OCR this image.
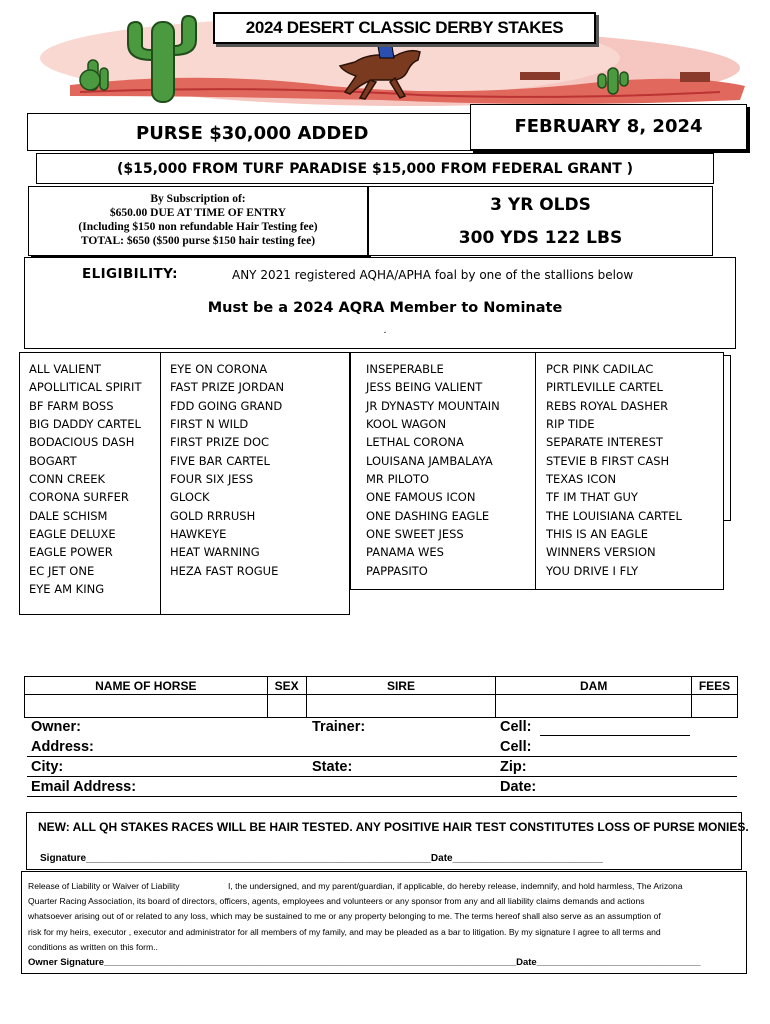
2024 DESERT CLASSIC DERBY STAKES
PURSE $30,000 ADDED	FEBRUARY 8, 2024
($15,000 FROM TURF PARADISE $15,000 FROM FEDERAL GRANT )
By Subscription of:
$650.00 DUE AT TIME OF ENTRY
(Including $150 non refundable Hair Testing fee)
TOTAL: $650 ($500 purse $150 hair testing fee)
3 YR OLDS
300 YDS 122 LBS
ELIGIBILITY:	ANY 2021 registered AQHA/APHA foal by one of the stallions below
Must be a 2024 AQRA Member to Nominate
.
ALL VALIENT
APOLLITICAL SPIRIT
BF FARM BOSS
BIG DADDY CARTEL
BODACIOUS DASH
BOGART
CONN CREEK
CORONA SURFER
DALE SCHISM
EAGLE DELUXE
EAGLE POWER
EC JET ONE
EYE AM KING
EYE ON CORONA
FAST PRIZE JORDAN
FDD GOING GRAND
FIRST N WILD
FIRST PRIZE DOC
FIVE BAR CARTEL
FOUR SIX JESS
GLOCK
GOLD RRRUSH
HAWKEYE
HEAT WARNING
HEZA FAST ROGUE
INSEPERABLE
JESS BEING VALIENT
JR DYNASTY MOUNTAIN
KOOL WAGON
LETHAL CORONA
LOUISANA JAMBALAYA
MR PILOTO
ONE FAMOUS ICON
ONE DASHING EAGLE
ONE SWEET JESS
PANAMA WES
PAPPASITO
PCR PINK CADILAC
PIRTLEVILLE CARTEL
REBS ROYAL DASHER
RIP TIDE
SEPARATE INTEREST
STEVIE B FIRST CASH
TEXAS ICON
TF IM THAT GUY
THE LOUISIANA CARTEL
THIS IS AN EAGLE
WINNERS VERSION
YOU DRIVE I FLY
NAME OF HORSE	SEX	SIRE	DAM	FEES

Owner:	Trainer:	Cell:
Address:	Cell:
City:	State:	Zip:
Email Address:	Date:
NEW: ALL QH STAKES RACES WILL BE HAIR TESTED. ANY POSITIVE HAIR TEST CONSTITUTES LOSS OF PURSE MONIES.
Signature______________________________________________________________Date___________________________
Release of Liability or Waiver of Liability	I, the undersigned, and my parent/guardian, if applicable, do hereby release, indemnify, and hold harmless, The Arizona
Quarter Racing Association, its board of directors, officers, agents, employees and volunteers or any sponsor from any and all liability claims demands and actions
whatsoever arising out of or related to any loss, which may be sustained to me or any property belonging to me. The terms hereof shall also serve as an assumption of
risk for my heirs, executor , executor and administrator for all members of my family, and may be pleaded as a bar to litigation. By my signature I agree to all terms and
conditions as written on this form..
Owner Signature______________________________________________________________________________Date_______________________________
